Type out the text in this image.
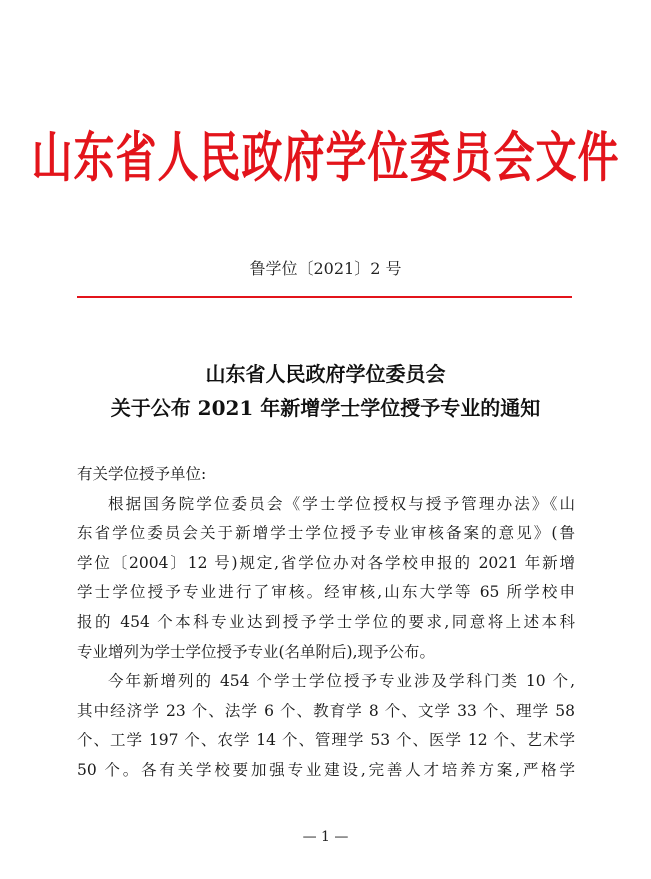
山东省人民政府学位委员会文件
鲁学位〔2021〕2 号
山东省人民政府学位委员会
关于公布 2021 年新增学士学位授予专业的通知
有关学位授予单位:
根据国务院学位委员会《学士学位授权与授予管理办法》《山
东省学位委员会关于新增学士学位授予专业审核备案的意见》(鲁
学位〔2004〕12 号)规定,省学位办对各学校申报的 2021 年新增
学士学位授予专业进行了审核。经审核,山东大学等 65 所学校申
报的 454 个本科专业达到授予学士学位的要求,同意将上述本科
专业增列为学士学位授予专业(名单附后),现予公布。
今年新增列的 454 个学士学位授予专业涉及学科门类 10 个,
其中经济学 23 个、法学 6 个、教育学 8 个、文学 33 个、理学 58
个、工学 197 个、农学 14 个、管理学 53 个、医学 12 个、艺术学
50 个。各有关学校要加强专业建设,完善人才培养方案,严格学
— 1 —
